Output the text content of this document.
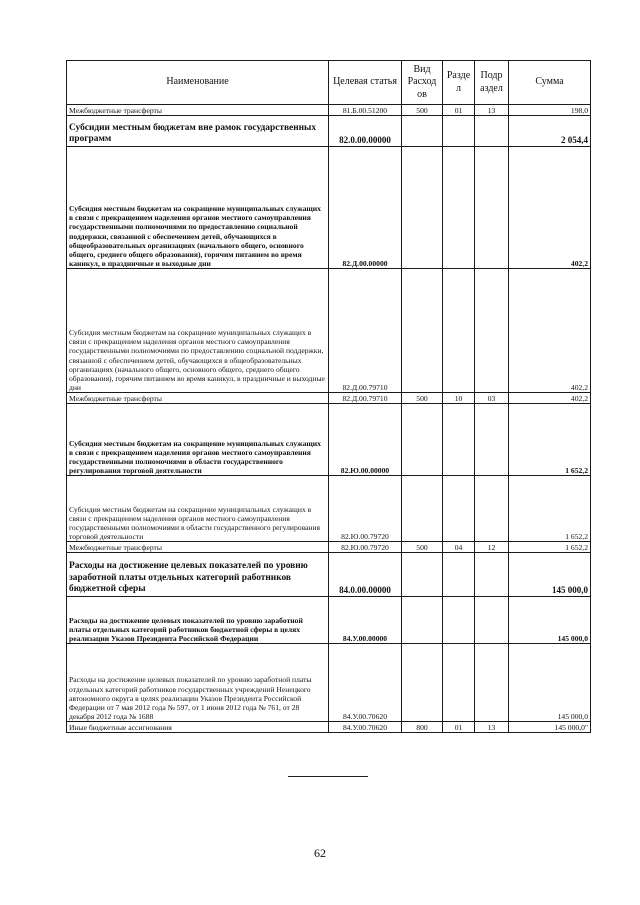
Наименование	Целевая статья	Вид Расход ов	Разде л	Подр аздел	Сумма
Межбюджетные трансферты	81.Б.00.51200	500	01	13	198,0
Субсидии местным бюджетам вне рамок государственных программ	82.0.00.00000				2 054,4
Субсидия местным бюджетам на сокращение муниципальных служащих в связи с прекращением наделения органов местного самоуправления государственными полномочиями по предоставлению социальной поддержки, связанной с обеспечением детей, обучающихся в общеобразовательных организациях (начального общего, основного общего, среднего общего образования), горячим питанием во время каникул, в праздничные и выходные дни	82.Д.00.00000				402,2
Субсидия местным бюджетам на сокращение муниципальных служащих в связи с прекращением наделения органов местного самоуправления государственными полномочиями по предоставлению социальной поддержки, связанной с обеспечением детей, обучающихся в общеобразовательных организациях (начального общего, основного общего, среднего общего образования), горячим питанием во время каникул, в праздничные и выходные дни	82.Д.00.79710				402,2
Межбюджетные трансферты	82.Д.00.79710	500	10	03	402,2
Субсидия местным бюджетам на сокращение муниципальных служащих в связи с прекращением наделения органов местного самоуправления государственными полномочиями в области государственного регулирования торговой деятельности	82.Ю.00.00000				1 652,2
Субсидия местным бюджетам на сокращение муниципальных служащих в связи с прекращением наделения органов местного самоуправления государственными полномочиями в области государственного регулирования торговой деятельности	82.Ю.00.79720				1 652,2
Межбюджетные трансферты	82.Ю.00.79720	500	04	12	1 652,2
Расходы на достижение целевых показателей по уровню заработной платы отдельных категорий работников бюджетной сферы	84.0.00.00000				145 000,0
Расходы на достижение целевых показателей по уровню заработной платы отдельных категорий работников бюджетной сферы в целях реализации Указов Президента Российской Федерации	84.У.00.00000				145 000,0
Расходы на достижение целевых показателей по уровню заработной платы отдельных категорий работников государственных учреждений Ненецкого автономного округа в целях реализации Указов Президента Российской Федерации от 7 мая 2012 года № 597, от 1 июня 2012 года № 761, от 28 декабря 2012 года № 1688	84.У.00.70620				145 000,0
Иные бюджетные ассигнования	84.У.00.70620	800	01	13	145 000,0"
62
